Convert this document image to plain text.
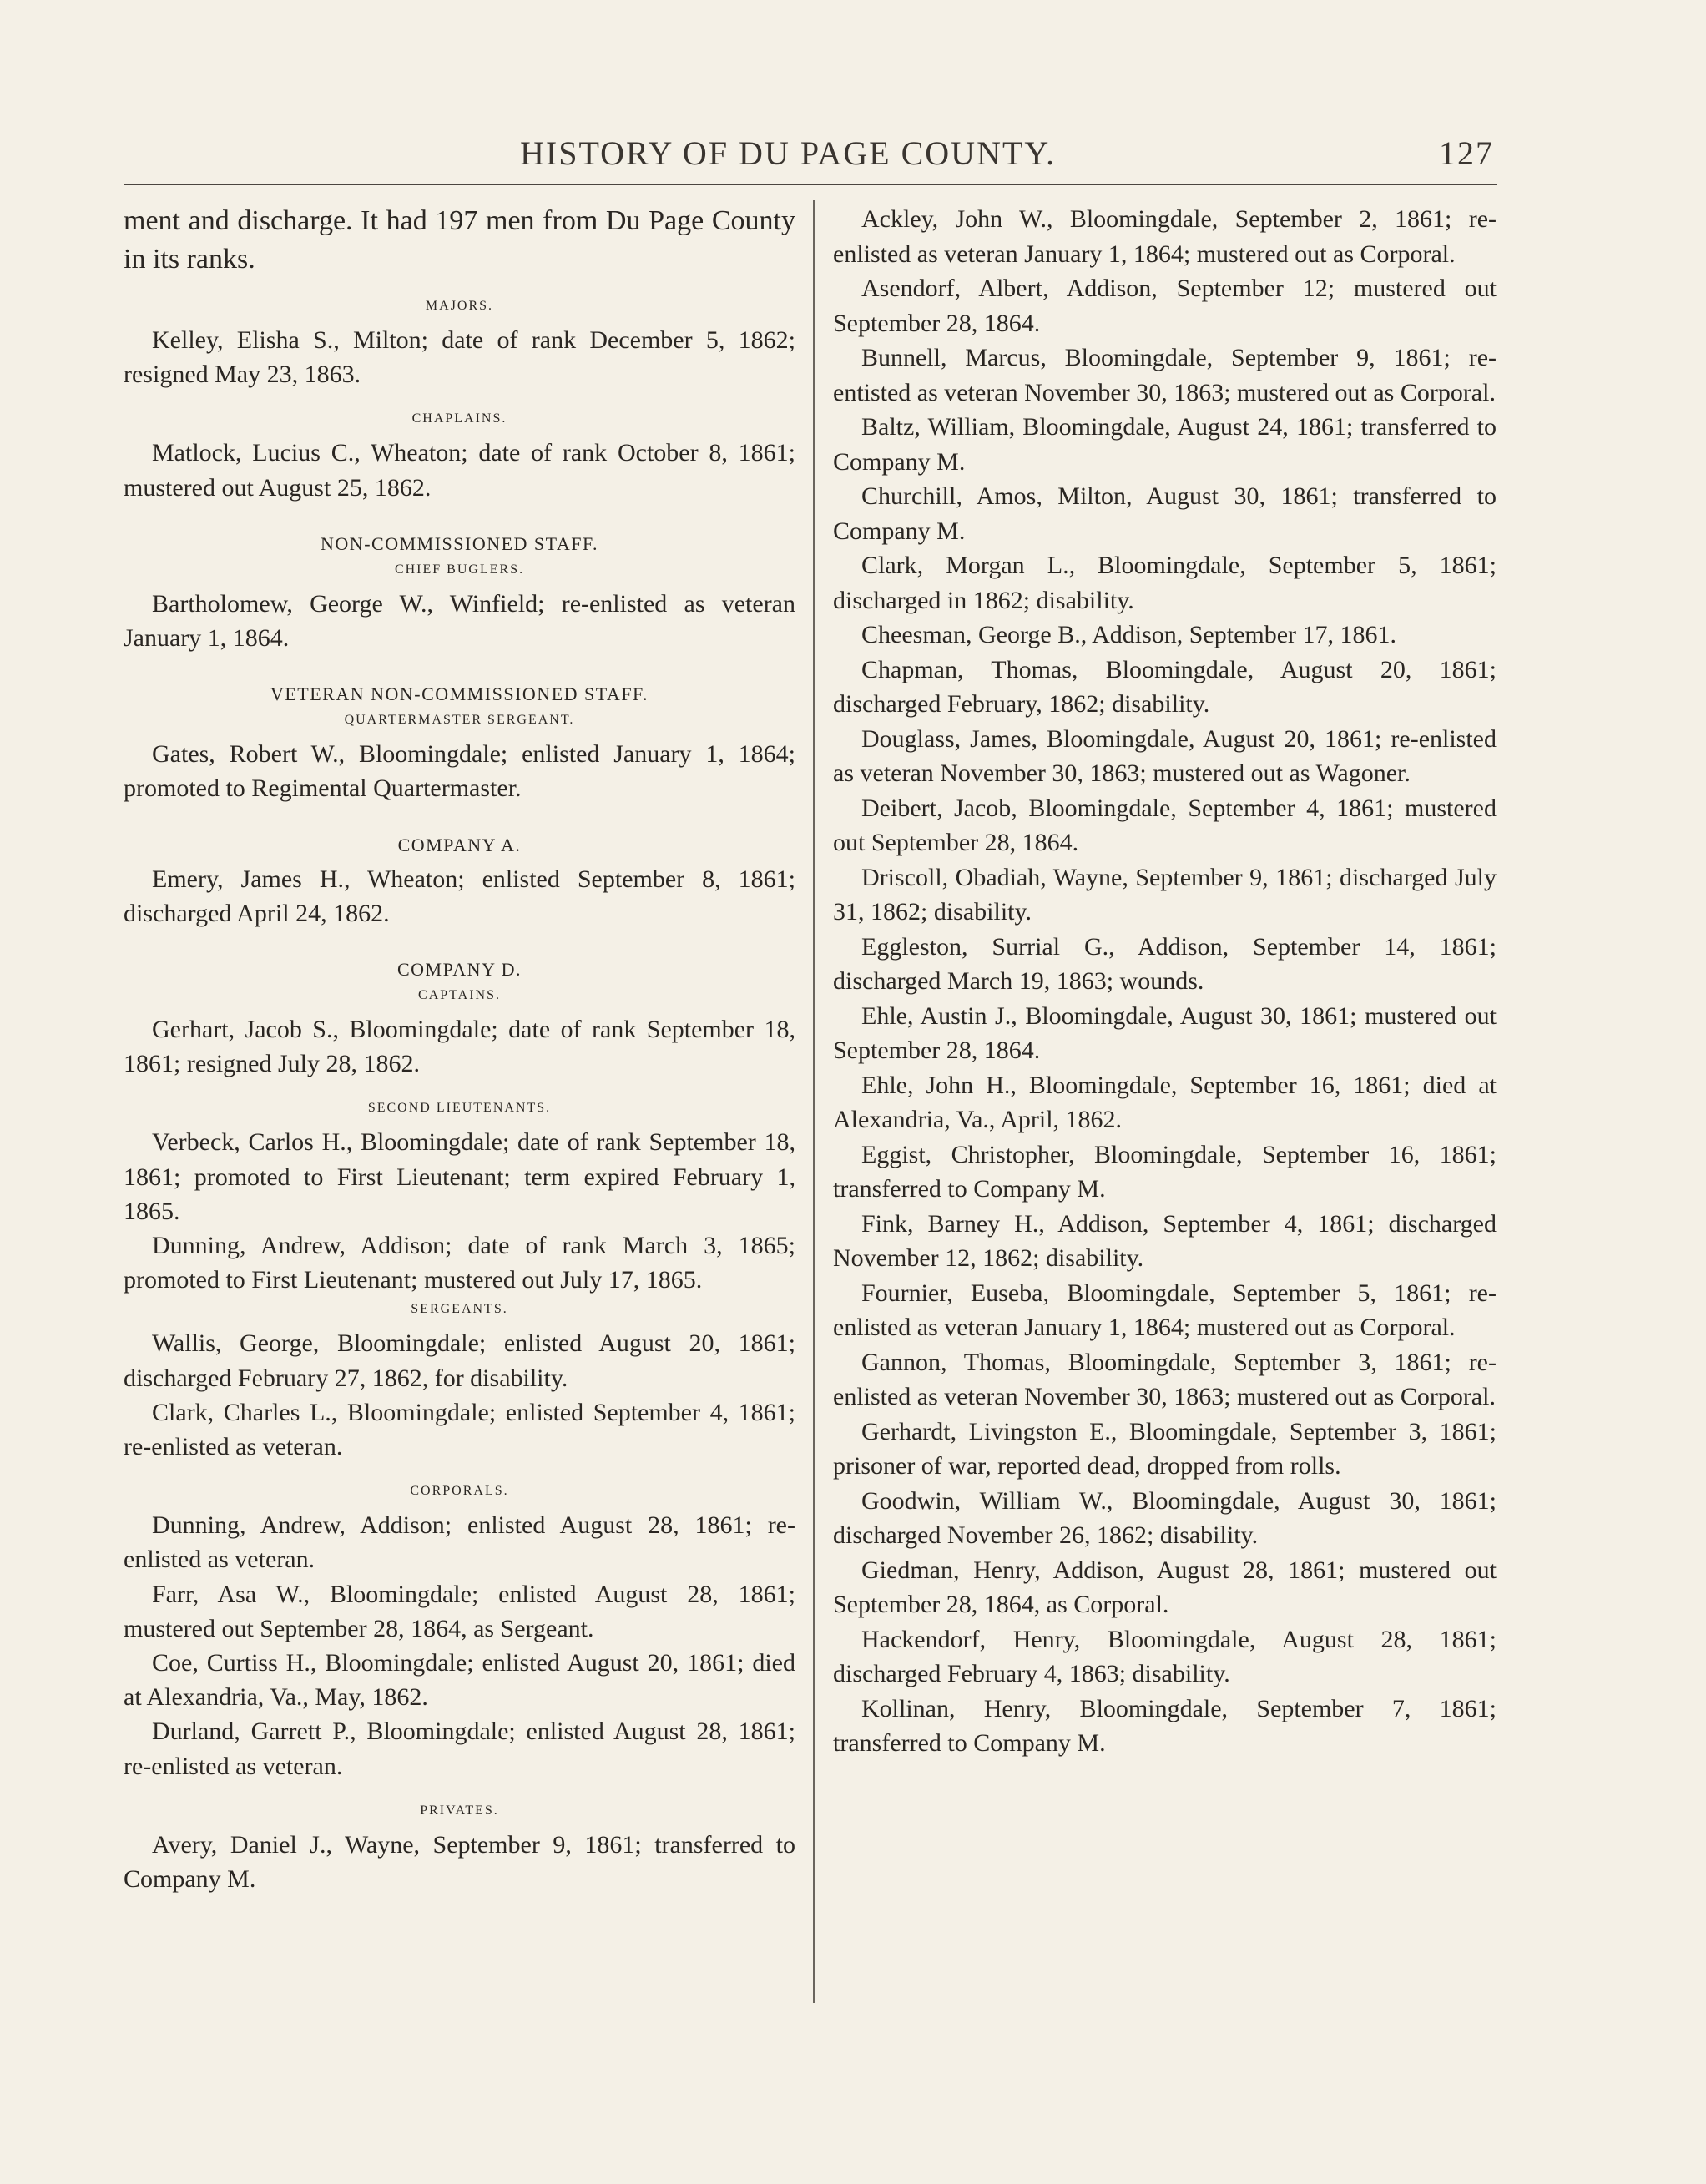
HISTORY OF DU PAGE COUNTY.	127

ment and discharge. It had 197 men from Du Page County in its ranks.

MAJORS.

Kelley, Elisha S., Milton; date of rank December 5, 1862; resigned May 23, 1863.

CHAPLAINS.

Matlock, Lucius C., Wheaton; date of rank October 8, 1861; mustered out August 25, 1862.

NON-COMMISSIONED STAFF.
CHIEF BUGLERS.

Bartholomew, George W., Winfield; re-enlisted as veteran January 1, 1864.

VETERAN NON-COMMISSIONED STAFF.
QUARTERMASTER SERGEANT.

Gates, Robert W., Bloomingdale; enlisted January 1, 1864; promoted to Regimental Quartermaster.

COMPANY A.

Emery, James H., Wheaton; enlisted September 8, 1861; discharged April 24, 1862.

COMPANY D.
CAPTAINS.

Gerhart, Jacob S., Bloomingdale; date of rank September 18, 1861; resigned July 28, 1862.

SECOND LIEUTENANTS.

Verbeck, Carlos H., Bloomingdale; date of rank September 18, 1861; promoted to First Lieutenant; term expired February 1, 1865.

Dunning, Andrew, Addison; date of rank March 3, 1865; promoted to First Lieutenant; mustered out July 17, 1865.

SERGEANTS.

Wallis, George, Bloomingdale; enlisted August 20, 1861; discharged February 27, 1862, for disability.

Clark, Charles L., Bloomingdale; enlisted September 4, 1861; re-enlisted as veteran.

CORPORALS.

Dunning, Andrew, Addison; enlisted August 28, 1861; re-enlisted as veteran.

Farr, Asa W., Bloomingdale; enlisted August 28, 1861; mustered out September 28, 1864, as Sergeant.

Coe, Curtiss H., Bloomingdale; enlisted August 20, 1861; died at Alexandria, Va., May, 1862.

Durland, Garrett P., Bloomingdale; enlisted August 28, 1861; re-enlisted as veteran.

PRIVATES.

Avery, Daniel J., Wayne, September 9, 1861; transferred to Company M.

Ackley, John W., Bloomingdale, September 2, 1861; re-enlisted as veteran January 1, 1864; mustered out as Corporal.

Asendorf, Albert, Addison, September 12; mustered out September 28, 1864.

Bunnell, Marcus, Bloomingdale, September 9, 1861; re-entisted as veteran November 30, 1863; mustered out as Corporal.

Baltz, William, Bloomingdale, August 24, 1861; transferred to Company M.

Churchill, Amos, Milton, August 30, 1861; transferred to Company M.

Clark, Morgan L., Bloomingdale, September 5, 1861; discharged in 1862; disability.

Cheesman, George B., Addison, September 17, 1861.

Chapman, Thomas, Bloomingdale, August 20, 1861; discharged February, 1862; disability.

Douglass, James, Bloomingdale, August 20, 1861; re-enlisted as veteran November 30, 1863; mustered out as Wagoner.

Deibert, Jacob, Bloomingdale, September 4, 1861; mustered out September 28, 1864.

Driscoll, Obadiah, Wayne, September 9, 1861; discharged July 31, 1862; disability.

Eggleston, Surrial G., Addison, September 14, 1861; discharged March 19, 1863; wounds.

Ehle, Austin J., Bloomingdale, August 30, 1861; mustered out September 28, 1864.

Ehle, John H., Bloomingdale, September 16, 1861; died at Alexandria, Va., April, 1862.

Eggist, Christopher, Bloomingdale, September 16, 1861; transferred to Company M.

Fink, Barney H., Addison, September 4, 1861; discharged November 12, 1862; disability.

Fournier, Euseba, Bloomingdale, September 5, 1861; re-enlisted as veteran January 1, 1864; mustered out as Corporal.

Gannon, Thomas, Bloomingdale, September 3, 1861; re-enlisted as veteran November 30, 1863; mustered out as Corporal.

Gerhardt, Livingston E., Bloomingdale, September 3, 1861; prisoner of war, reported dead, dropped from rolls.

Goodwin, William W., Bloomingdale, August 30, 1861; discharged November 26, 1862; disability.

Giedman, Henry, Addison, August 28, 1861; mustered out September 28, 1864, as Corporal.

Hackendorf, Henry, Bloomingdale, August 28, 1861; discharged February 4, 1863; disability.

Kollinan, Henry, Bloomingdale, September 7, 1861; transferred to Company M.
